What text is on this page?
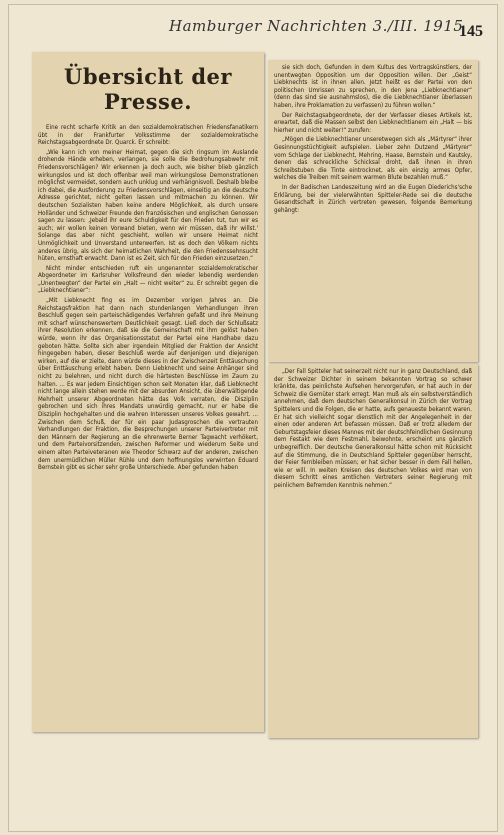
Hamburger Nachrichten 3./III. 1915
145
Übersicht der Presse.

Eine recht scharfe Kritik an den sozialdemokratischen Friedensfanatikern übt in der Frankfurter Volksstimme der sozialdemokratische Reichstagsabgeordnete Dr. Quarck. Er schreibt:

„Wie kann ich von meiner Heimat, gegen die sich ringsum im Auslande drohende Hände erheben, verlangen, sie solle die Bedrohungsabwehr mit Friedensvorschlägen? Wir erkennen ja doch auch, wie bisher blieb gänzlich wirkungslos und ist doch offenbar weil man wirkungslose Demonstrationen möglichst vermeidet, sondern auch unklug und verhängnisvoll. Deshalb bleibe ich dabei, die Ausforderung zu Friedensvorschlägen, einseitig an die deutsche Adresse gerichtet, nicht gelten lassen und mitmachen zu können. Wir deutschen Sozialisten haben keine andere Möglichkeit, als durch unsere Holländer und Schweizer Freunde den französischen und englischen Genossen sagen zu lassen: ‚Jebald ihr eure Schuldigkeit für den Frieden tut, tun wir es auch; wir wollen keinen Vorwand bieten, wenn wir müssen, daß ihr willst.' Solange das aber nicht geschieht, wollen wir unsere Heimat nicht Unmöglichkeit und Unverstand unterwerfen. Ist es doch den Völkern nichts anderes übrig, als sich der heimatlichen Wahrheit, die den Friedenssehnsucht hüten, ernsthaft erwacht. Dann ist es Zeit, sich für den Frieden einzusetzen.“

Nicht minder entschieden ruft ein ungenannter sozialdemokratischer Abgeordneter im Karlsruher Volksfreund den wieder lebendig werdenden „Unentwegten“ der Partei ein „Halt — nicht weiter“ zu. Er schreibt gegen die „Liebknechtianer“:

„Mit Liebknecht fing es im Dezember vorigen Jahres an. Die Reichstagsfraktion hat dann nach stundenlangen Verhandlungen ihren Beschluß gegen sein parteischädigendes Verfahren gefaßt und ihre Meinung mit scharf wünschenswertem Deutlichkeit gesagt. Ließ doch der Schlußsatz ihrer Resolution erkennen, daß sie die Gemeinschaft mit ihm gelöst haben würde, wenn ihr das Organisationsstatut der Partei eine Handhabe dazu geboten hätte. Sollte sich aber irgendein Mitglied der Fraktion der Ansicht hingegeben haben, dieser Beschluß werde auf denjenigen und diejenigen wirken, auf die er zielte, dann würde dieses in der Zwischenzeit Enttäuschung über Enttäuschung erlebt haben. Denn Liebknecht und seine Anhänger sind nicht zu belehren, und nicht durch die härtesten Beschlüsse im Zaum zu halten. ... Es war jedem Einsichtigen schon seit Monaten klar, daß Liebknecht nicht lange allein stehen werde mit der absurden Ansicht, die überwältigende Mehrheit unserer Abgeordneten hätte das Volk verraten, die Disziplin gebrochen und sich ihres Mandats unwürdig gemacht, nur er habe die Disziplin hochgehalten und die wahren Interessen unseres Volkes gewahrt. ... Zwischen dem Schuß, der für ein paar Judasgroschen die vertrauten Verhandlungen der Fraktion, die Besprechungen unserer Parteivertreter mit den Männern der Regierung an die ehrenwerte Berner Tagwacht verhökert, und dem Parteivorsitzenden, zwischen Reformer und wiederum Seite und einem alten Parteiveteranen wie Theodor Schwarz auf der anderen, zwischen dem unermüdlichen Müller Rühle und dem hoffnungslos verwirrten Eduard Bernstein gibt es sicher sehr große Unterschiede. Aber gefunden haben

sie sich doch, Gefunden in dem Kultus des Vortragskünstlers, der unentwegten Opposition um der Opposition willen. Der „Geist“ Liebknechts ist in ihnen allen. Jetzt heißt es der Partei von den politischen Umrissen zu sprechen, in den Jena „Liebknechtianer“ (denn das sind sie ausnahmslos), die die Liebknechtianer überlassen haben, ihre Proklamation zu verfassen) zu führen wollen.“

Der Reichstagsabgeordnete, der der Verfasser dieses Artikels ist, erwartet, daß die Massen selbst den Liebknechtianern ein „Halt — bis hierher und nicht weiter!“ zurufen:

„Mögen die Liebknechtianer unseretwegen sich als „Märtyrer“ ihrer Gesinnungstüchtigkeit aufspielen. Lieber zehn Dutzend „Märtyrer“ vom Schlage der Liebknecht, Mehring, Haase, Bernstein und Kautsky, denen das schreckliche Schicksal droht, daß ihnen in ihren Schreibstuben die Tinte eintrocknet, als ein einzig armes Opfer, welches die Treiben mit seinem warmen Blute bezahlen muß.“

In der Badischen Landeszeitung wird an die Eugen Diederichs'sche Erklärung, bei der vielerwähnten Spitteler-Rede sei die deutsche Gesandtschaft in Zürich vertreten gewesen, folgende Bemerkung gehängt:

„Der Fall Spitteler hat seinerzeit nicht nur in ganz Deutschland, daß der Schweizer Dichter in seinem bekannten Vortrag so schwer kränkte, das peinlichste Aufsehen hervorgerufen, er hat auch in der Schweiz die Gemüter stark erregt. Man muß als ein selbstverständlich annehmen, daß dem deutschen Generalkonsul in Zürich der Vortrag Spittelers und die Folgen, die er hatte, aufs genaueste bekannt waren. Er hat sich vielleicht sogar dienstlich mit der Angelegenheit in der einen oder anderen Art befassen müssen. Daß er trotz alledem der Geburtstagsfeier dieses Mannes mit der deutschfeindlichen Gesinnung dem Festakt wie dem Festmahl, beiwohnte, erscheint uns gänzlich unbegreiflich. Der deutsche Generalkonsul hätte schon mit Rücksicht auf die Stimmung, die in Deutschland Spitteler gegenüber herrscht, der Feier fernbleiben müssen; er hat sicher besser in dem Fall hellen, wie er will. In weiten Kreisen des deutschen Volkes wird man von diesem Schritt eines amtlichen Vertreters seiner Regierung mit peinlichem Befremden Kenntnis nehmen.“
